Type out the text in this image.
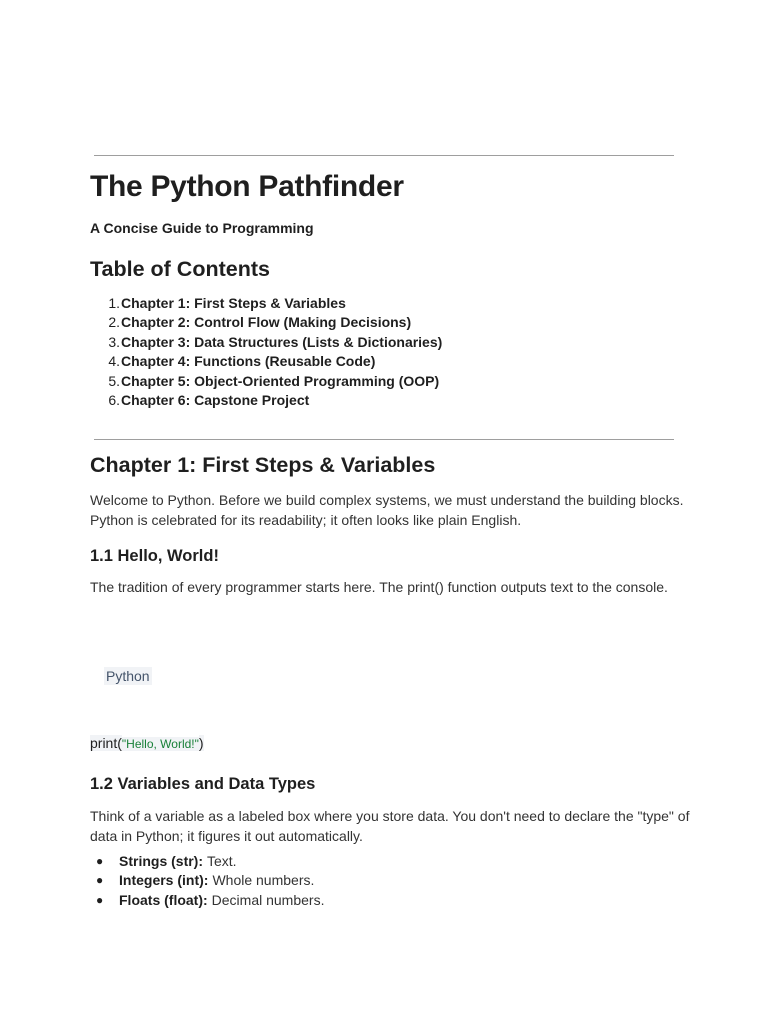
The Python Pathfinder

A Concise Guide to Programming

Table of Contents
1. Chapter 1: First Steps & Variables
2. Chapter 2: Control Flow (Making Decisions)
3. Chapter 3: Data Structures (Lists & Dictionaries)
4. Chapter 4: Functions (Reusable Code)
5. Chapter 5: Object-Oriented Programming (OOP)
6. Chapter 6: Capstone Project
Chapter 1: First Steps & Variables

Welcome to Python. Before we build complex systems, we must understand the building blocks. Python is celebrated for its readability; it often looks like plain English.

1.1 Hello, World!

The tradition of every programmer starts here. The print() function outputs text to the console.

Python
print("Hello, World!")
1.2 Variables and Data Types

Think of a variable as a labeled box where you store data. You don't need to declare the "type" of data in Python; it figures it out automatically.

●	Strings (str): Text.
●	Integers (int): Whole numbers.
●	Floats (float): Decimal numbers.
